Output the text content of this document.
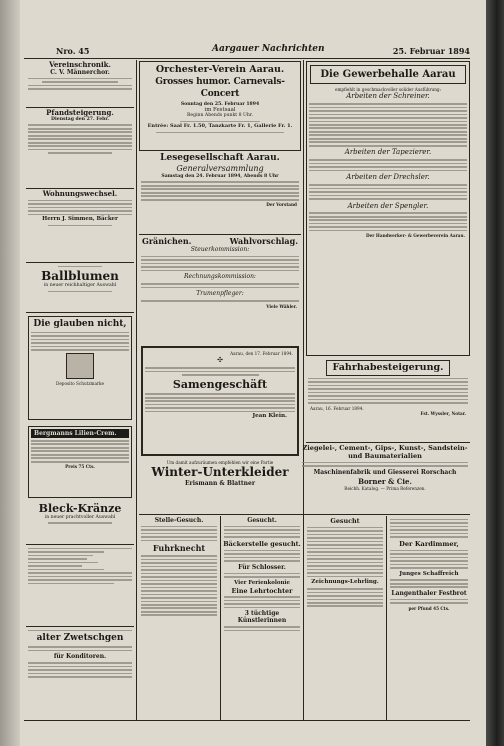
Nro. 45	Aargauer Nachrichten	25. Februar 1894

Vereinschronik.

C. V. Männerchor.

Pfandsteigerung.

Dienstag den 27. Febr.

Wohnungswechsel.

Herrn J. Simmen, Bäcker

Ballblumen

in neuer reichhaltiger Auswahl

Die glauben nicht,

Deposito Schutzmarke

Bergmanns Lilien-Crem.

Preis 75 Cts.

Bleck-Kränze

in neuer prachtvoller Auswahl

alter Zwetschgen

für Konditoren.

Orchester-Verein Aarau.

Grosses humor. Carnevals-Concert

Sonntag den 25. Februar 1894

im Festsaal

Beginn Abends punkt 8 Uhr.

Entrée: Saal Fr. 1.50, Tanzkarte Fr. 1, Gallerie Fr. 1.

Lesegesellschaft Aarau.

Generalversammlung

Samstag den 24. Februar 1894, Abends 8 Uhr

Der Vorstand

Gränichen.	Wahlvorschlag.

Steuerkommission:

Rechnungskommission:

Trumenpfleger:

Viele Wähler.

Aarau, den 17. Februar 1894.

✣

Samengeschäft

Jean Klein.

Um damit aufzuräumen empfehlen wir eine Partie

Winter-Unterkleider

Erismann & Blattner

Die Gewerbehalle Aarau

empfiehlt in geschmackvoller solider Ausführung:

Arbeiten der Schreiner.

Arbeiten der Tapezierer.

Arbeiten der Drechsler.

Arbeiten der Spengler.

Der Handwerker- & Gewerbeverein Aarau.

Fahrhabesteigerung.

Aarau, 16. Februar 1894.

Fst. Wyssler, Notar.

Ziegelei-, Cement-, Gips-, Kunst-, Sandstein- und Baumaterialien

Maschinenfabrik und Giesserei Rorschach

Borner & Cie.

Reichh. Katalog. — Prima Referenzen.

Stelle-Gesuch.

Fuhrknecht

Gesucht.

Bäckerstelle gesucht.

Für Schlosser.

Vier Ferienkolonie

Eine Lehrtochter

3 tüchtige Künstlerinnen

Gesucht

Zeichnungs-Lehrling.

Der Kardimmer,

Junges Schaffreich

Langenthaler Festbrot

per Pfund 45 Cts.
